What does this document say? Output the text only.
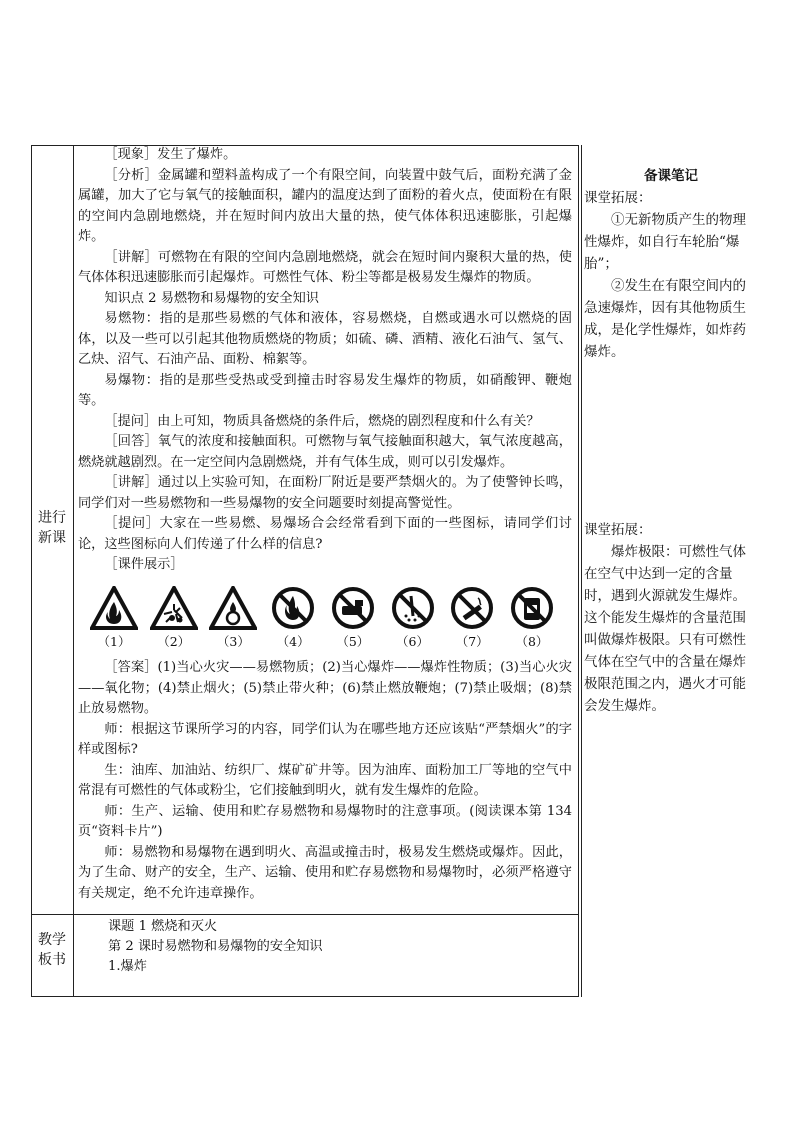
进行
新课
教学
板书

［现象］发生了爆炸。

［分析］金属罐和塑料盖构成了一个有限空间，向装置中鼓气后，面粉充满了金属罐，加大了它与氧气的接触面积，罐内的温度达到了面粉的着火点，使面粉在有限的空间内急剧地燃烧，并在短时间内放出大量的热，使气体体积迅速膨胀，引起爆炸。

［讲解］可燃物在有限的空间内急剧地燃烧，就会在短时间内聚积大量的热，使气体体积迅速膨胀而引起爆炸。可燃性气体、粉尘等都是极易发生爆炸的物质。

知识点 2 易燃物和易爆物的安全知识

易燃物：指的是那些易燃的气体和液体，容易燃烧，自燃或遇水可以燃烧的固体，以及一些可以引起其他物质燃烧的物质；如硫、磷、酒精、液化石油气、氢气、乙炔、沼气、石油产品、面粉、棉絮等。

易爆物：指的是那些受热或受到撞击时容易发生爆炸的物质，如硝酸钾、鞭炮等。

［提问］由上可知，物质具备燃烧的条件后，燃烧的剧烈程度和什么有关？

［回答］氧气的浓度和接触面积。可燃物与氧气接触面积越大，氧气浓度越高，燃烧就越剧烈。在一定空间内急剧燃烧，并有气体生成，则可以引发爆炸。

［讲解］通过以上实验可知，在面粉厂附近是要严禁烟火的。为了使警钟长鸣，同学们对一些易燃物和一些易爆物的安全问题要时刻提高警觉性。

［提问］大家在一些易燃、易爆场合会经常看到下面的一些图标，请同学们讨论，这些图标向人们传递了什么样的信息?

［课件展示］

（1） （2） （3） （4） （5） （6） （7） （8）

［答案］(1)当心火灾——易燃物质；(2)当心爆炸——爆炸性物质；(3)当心火灾——氧化物；(4)禁止烟火；(5)禁止带火种；(6)禁止燃放鞭炮；(7)禁止吸烟；(8)禁止放易燃物。

师：根据这节课所学习的内容，同学们认为在哪些地方还应该贴“严禁烟火”的字样或图标?

生：油库、加油站、纺织厂、煤矿矿井等。因为油库、面粉加工厂等地的空气中常混有可燃性的气体或粉尘，它们接触到明火，就有发生爆炸的危险。

师：生产、运输、使用和贮存易燃物和易爆物时的注意事项。(阅读课本第 134 页“资料卡片”)

师：易燃物和易爆物在遇到明火、高温或撞击时，极易发生燃烧或爆炸。因此，为了生命、财产的安全，生产、运输、使用和贮存易燃物和易爆物时，必须严格遵守有关规定，绝不允许违章操作。

课题 1 燃烧和灭火
第 2 课时易燃物和易爆物的安全知识
1.爆炸

备课笔记

课堂拓展：

①无新物质产生的物理性爆炸，如自行车轮胎“爆胎”；

②发生在有限空间内的急速爆炸，因有其他物质生成，是化学性爆炸，如炸药爆炸。

课堂拓展：

爆炸极限：可燃性气体在空气中达到一定的含量时，遇到火源就发生爆炸。这个能发生爆炸的含量范围叫做爆炸极限。只有可燃性气体在空气中的含量在爆炸极限范围之内，遇火才可能会发生爆炸。
